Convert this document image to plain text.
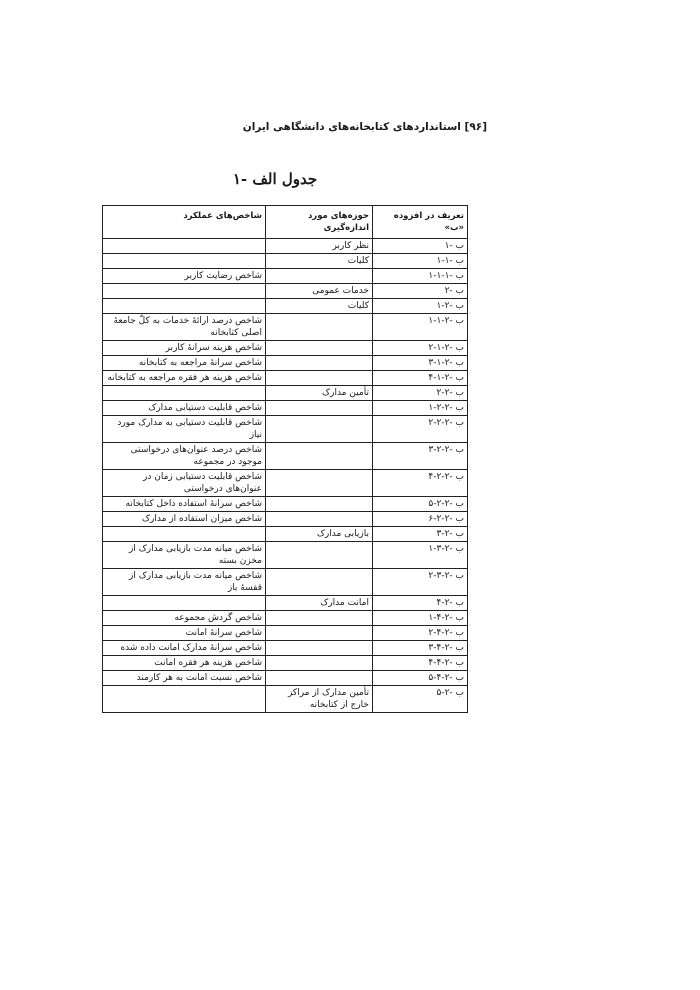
[۹۶] استانداردهای کتابخانه‌های دانشگاهی ایران
جدول الف -۱
تعریف در افزوده «ب»	حوزه‌های مورد اندازه‌گیری	شاخص‌های عملکرد
ب -۱	نظر کاربر	
ب -۱-۱	کلیات	
ب -۱-۱-۱		شاخص رضایت کاربر
ب -۲	خدمات عمومی	
ب -۲-۱	کلیات	
ب -۲-۱-۱		شاخص درصد ارائهٔ خدمات به کلّ جامعهٔ اصلی کتابخانه
ب -۲-۱-۲		شاخص هزینه سرانهٔ کاربر
ب -۲-۱-۳		شاخص سرانهٔ مراجعه به کتابخانه
ب -۲-۱-۴		شاخص هزینه هر فقره مراجعه به کتابخانه
ب -۲-۲	تأمین مدارک	
ب -۲-۲-۱		شاخص قابلیت دستیابی مدارک
ب -۲-۲-۲		شاخص قابلیت دستیابی به مدارک مورد نیاز
ب -۲-۲-۳		شاخص درصد عنوان‌های درخواستی موجود در مجموعه
ب -۲-۲-۴		شاخص قابلیت دستیابی زمان در عنوان‌های درخواستی
ب -۲-۲-۵		شاخص سرانهٔ استفاده داخل کتابخانه
ب -۲-۲-۶		شاخص میزان استفاده از مدارک
ب -۲-۳	بازیابی مدارک	
ب -۲-۳-۱		شاخص میانه مدت بازیابی مدارک از مخزن بسته
ب -۲-۳-۲		شاخص میانه مدت بازیابی مدارک از قفسهٔ باز
ب -۲-۴	امانت مدارک	
ب -۲-۴-۱		شاخص گردش مجموعه
ب -۲-۴-۲		شاخص سرانهٔ امانت
ب -۲-۴-۳		شاخص سرانهٔ مدارک امانت داده شده
ب -۲-۴-۴		شاخص هزینه هر فقره امانت
ب -۲-۴-۵		شاخص نسبت امانت به هر کارمند
ب -۲-۵	تأمین مدارک از مراکز خارج از کتابخانه	
